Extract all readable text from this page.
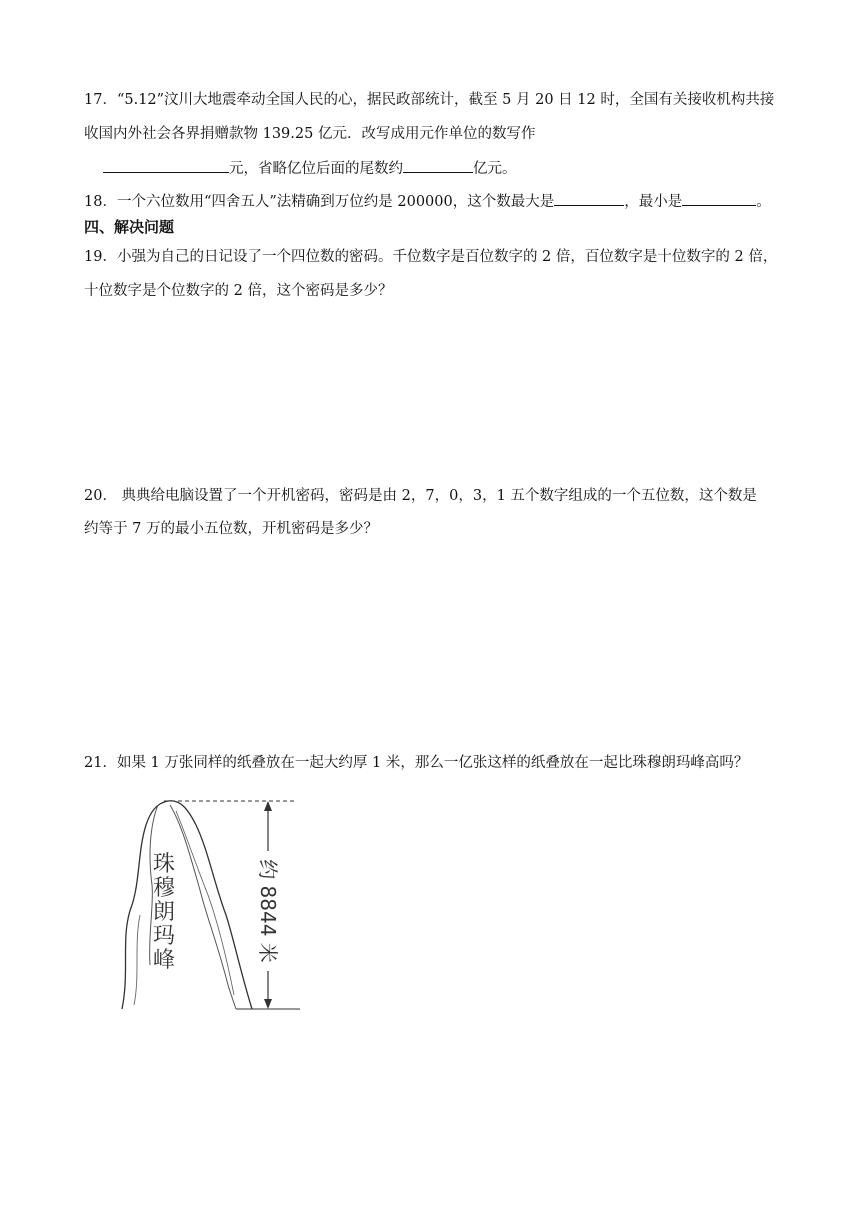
17．“5.12”汶川大地震牵动全国人民的心，据民政部统计，截至 5 月 20 日 12 时，全国有关接收机构共接
收国内外社会各界捐赠款物 139.25 亿元．改写成用元作单位的数写作
元，省略亿位后面的尾数约	亿元。
18．一个六位数用“四舍五人”法精确到万位约是 200000，这个数最大是	，最小是	。
四、解决问题
19．小强为自己的日记设了一个四位数的密码。千位数字是百位数字的 2 倍，百位数字是十位数字的 2 倍，
十位数字是个位数字的 2 倍，这个密码是多少？
20． 典典给电脑设置了一个开机密码，密码是由 2，7，0，3，1 五个数字组成的一个五位数，这个数是
约等于 7 万的最小五位数，开机密码是多少？
21．如果 1 万张同样的纸叠放在一起大约厚 1 米，那么一亿张这样的纸叠放在一起比珠穆朗玛峰高吗？
珠穆朗玛峰	约 8844 米
